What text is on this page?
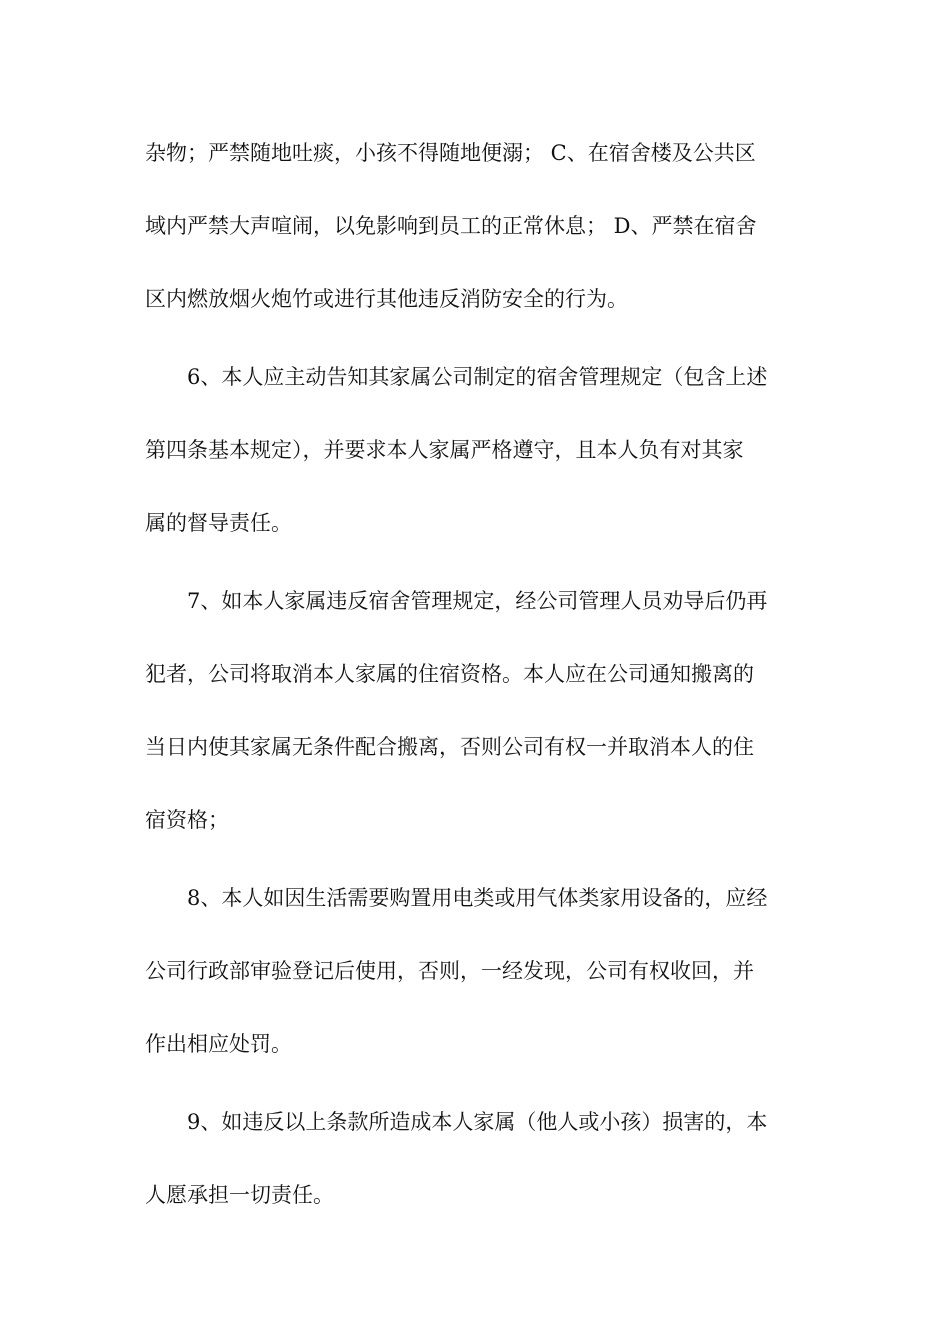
杂物；严禁随地吐痰，小孩不得随地便溺； C、在宿舍楼及公共区
域内严禁大声喧闹，以免影响到员工的正常休息； D、严禁在宿舍
区内燃放烟火炮竹或进行其他违反消防安全的行为。
6、本人应主动告知其家属公司制定的宿舍管理规定（包含上述
第四条基本规定），并要求本人家属严格遵守，且本人负有对其家
属的督导责任。
7、如本人家属违反宿舍管理规定，经公司管理人员劝导后仍再
犯者，公司将取消本人家属的住宿资格。本人应在公司通知搬离的
当日内使其家属无条件配合搬离，否则公司有权一并取消本人的住
宿资格；
8、本人如因生活需要购置用电类或用气体类家用设备的，应经
公司行政部审验登记后使用，否则，一经发现，公司有权收回，并
作出相应处罚。
9、如违反以上条款所造成本人家属（他人或小孩）损害的，本
人愿承担一切责任。
